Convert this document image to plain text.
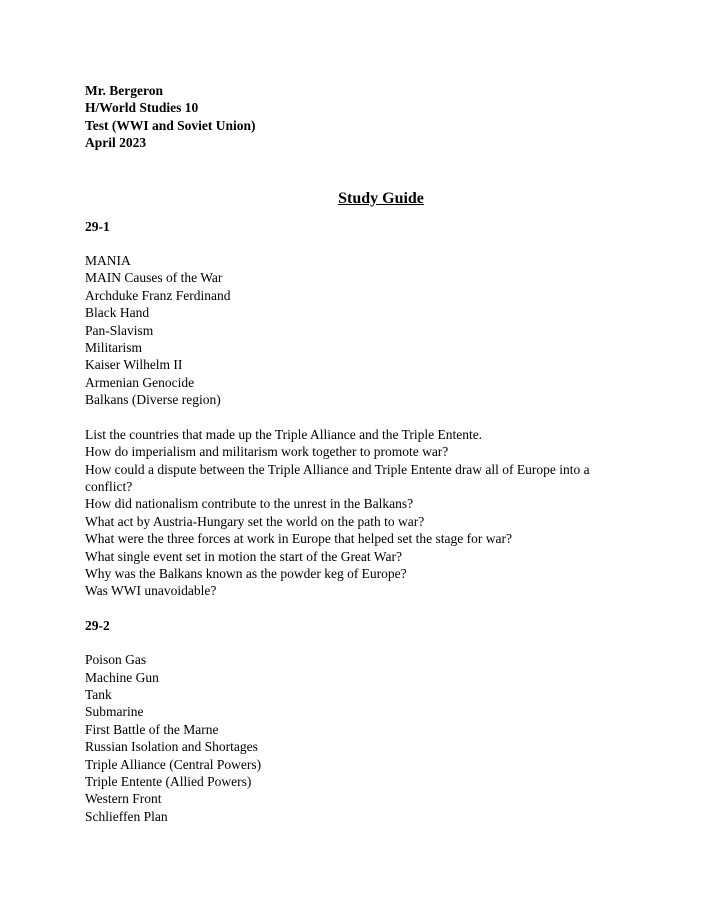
Mr. Bergeron
H/World Studies 10
Test (WWI and Soviet Union)
April 2023
Study Guide
29-1
MANIA
MAIN Causes of the War
Archduke Franz Ferdinand
Black Hand
Pan-Slavism
Militarism
Kaiser Wilhelm II
Armenian Genocide
Balkans (Diverse region)
List the countries that made up the Triple Alliance and the Triple Entente.
How do imperialism and militarism work together to promote war?
How could a dispute between the Triple Alliance and Triple Entente draw all of Europe into a
conflict?
How did nationalism contribute to the unrest in the Balkans?
What act by Austria-Hungary set the world on the path to war?
What were the three forces at work in Europe that helped set the stage for war?
What single event set in motion the start of the Great War?
Why was the Balkans known as the powder keg of Europe?
Was WWI unavoidable?
29-2
Poison Gas
Machine Gun
Tank
Submarine
First Battle of the Marne
Russian Isolation and Shortages
Triple Alliance (Central Powers)
Triple Entente (Allied Powers)
Western Front
Schlieffen Plan
